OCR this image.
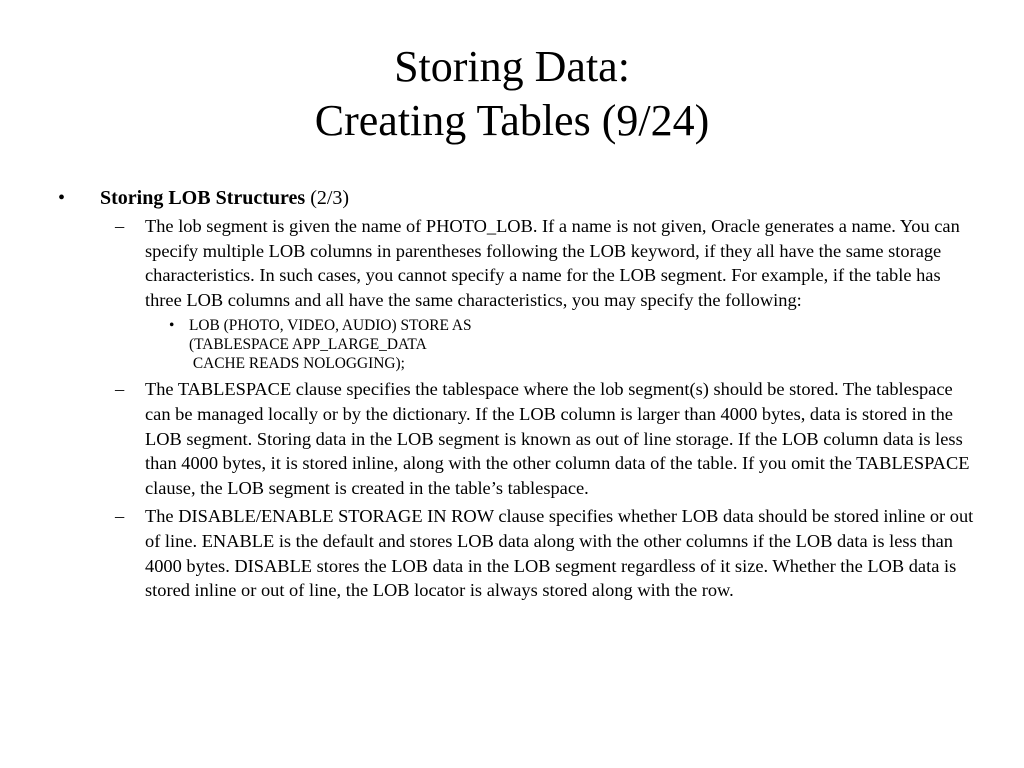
Storing Data:
Creating Tables (9/24)
• Storing LOB Structures (2/3)
– The lob segment is given the name of PHOTO_LOB. If a name is not given, Oracle generates a name. You can specify multiple LOB columns in parentheses following the LOB keyword, if they all have the same storage characteristics. In such cases, you cannot specify a name for the LOB segment. For example, if the table has three LOB columns and all have the same characteristics, you may specify the following:
• LOB (PHOTO, VIDEO, AUDIO) STORE AS
(TABLESPACE APP_LARGE_DATA
CACHE READS NOLOGGING);
– The TABLESPACE clause specifies the tablespace where the lob segment(s) should be stored. The tablespace can be managed locally or by the dictionary. If the LOB column is larger than 4000 bytes, data is stored in the LOB segment. Storing data in the LOB segment is known as out of line storage. If the LOB column data is less than 4000 bytes, it is stored inline, along with the other column data of the table. If you omit the TABLESPACE clause, the LOB segment is created in the table’s tablespace.
– The DISABLE/ENABLE STORAGE IN ROW clause specifies whether LOB data should be stored inline or out of line. ENABLE is the default and stores LOB data along with the other columns if the LOB data is less than 4000 bytes. DISABLE stores the LOB data in the LOB segment regardless of it size. Whether the LOB data is stored inline or out of line, the LOB locator is always stored along with the row.
